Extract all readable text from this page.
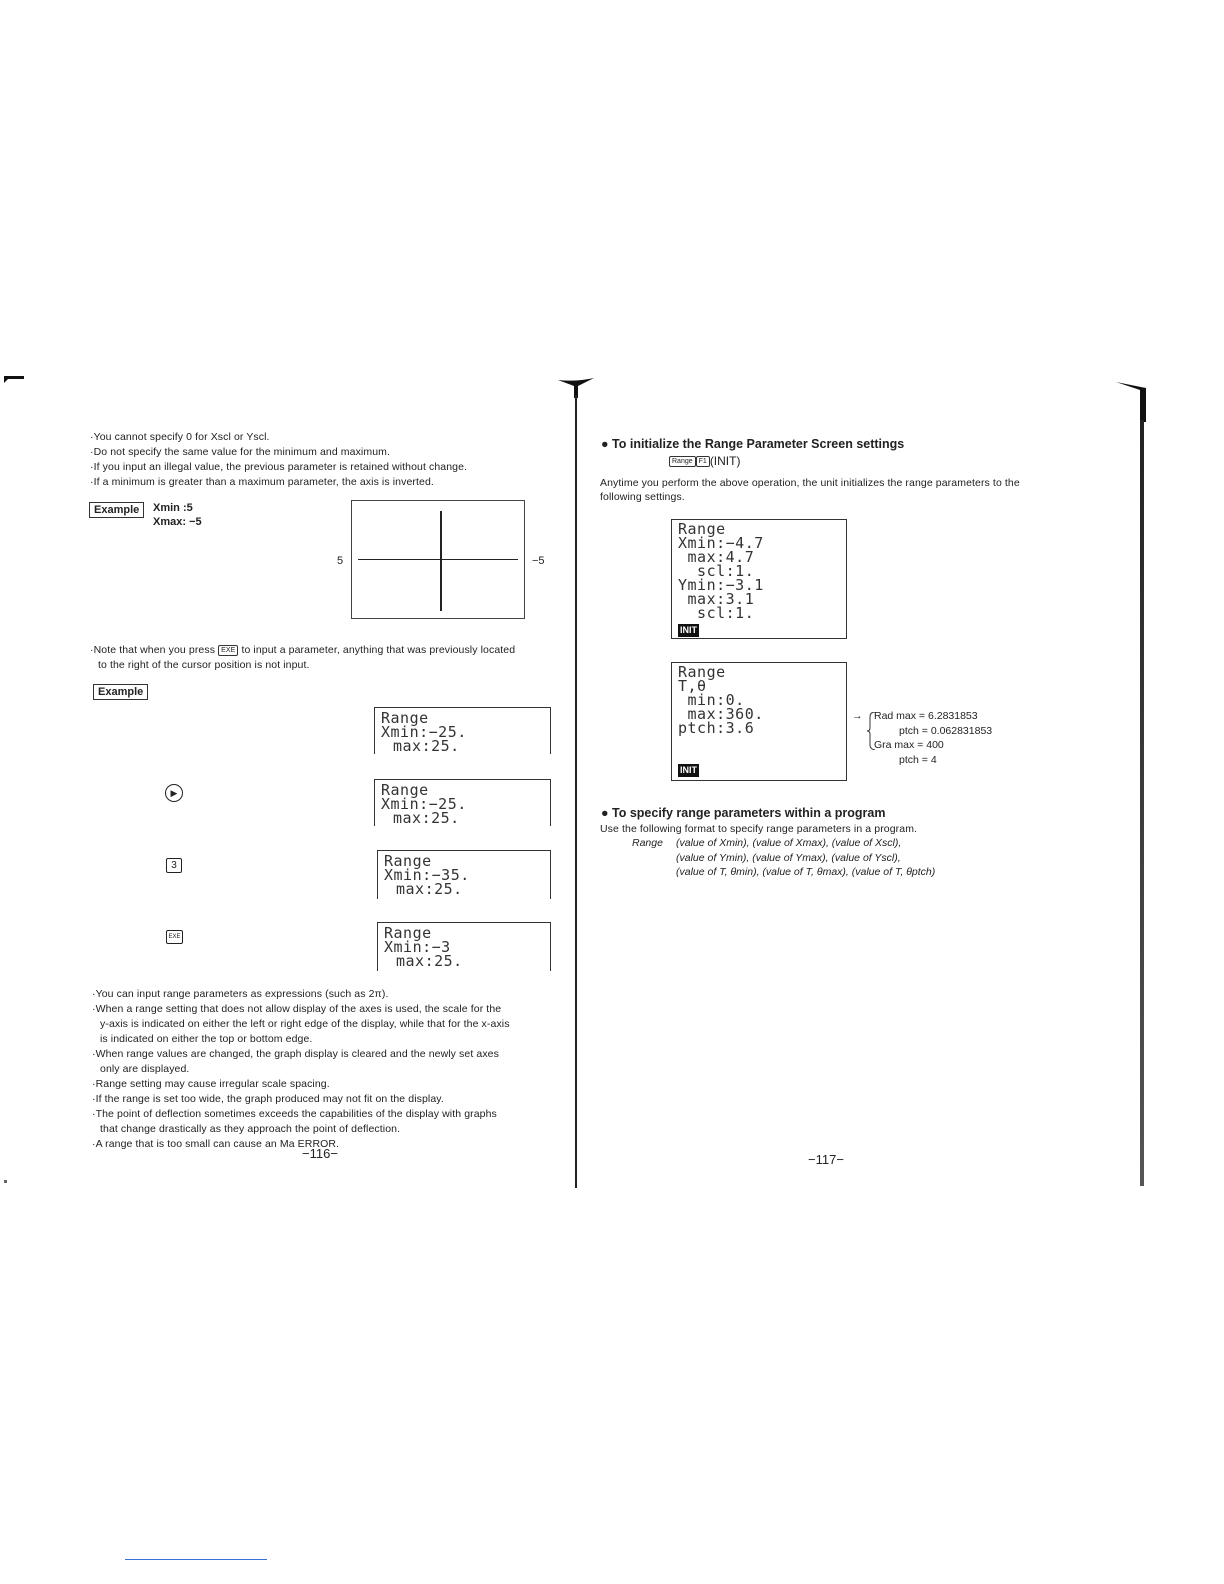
·You cannot specify 0 for Xscl or Yscl.
·Do not specify the same value for the minimum and maximum.
·If you input an illegal value, the previous parameter is retained without change.
·If a minimum is greater than a maximum parameter, the axis is inverted.
Example	Xmin :5
Xmax: −5
5	−5
·Note that when you press EXE to input a parameter, anything that was previously located
to the right of the cursor position is not input.
Example
Range
Xmin:−25.
max:25.
▶	Range
Xmin:−25.
max:25.
3	Range
Xmin:−35.
max:25.
EXE	Range
Xmin:−3
max:25.
·You can input range parameters as expressions (such as 2π).
·When a range setting that does not allow display of the axes is used, the scale for the
y-axis is indicated on either the left or right edge of the display, while that for the x-axis
is indicated on either the top or bottom edge.
·When range values are changed, the graph display is cleared and the newly set axes
only are displayed.
·Range setting may cause irregular scale spacing.
·If the range is set too wide, the graph produced may not fit on the display.
·The point of deflection sometimes exceeds the capabilities of the display with graphs
that change drastically as they approach the point of deflection.
·A range that is too small can cause an Ma ERROR.
−116−
● To initialize the Range Parameter Screen settings
Range F1 (INIT)
Anytime you perform the above operation, the unit initializes the range parameters to the
following settings.
Range
Xmin:−4.7
max:4.7
scl:1.
Ymin:−3.1
max:3.1
scl:1.
INIT
Range
T,θ
min:0.
max:360.
ptch:3.6
INIT
→ Rad max = 6.2831853
ptch = 0.062831853
Gra max = 400
ptch = 4
● To specify range parameters within a program
Use the following format to specify range parameters in a program.
Range (value of Xmin), (value of Xmax), (value of Xscl),
(value of Ymin), (value of Ymax), (value of Yscl),
(value of T, θmin), (value of T, θmax), (value of T, θptch)
−117−
